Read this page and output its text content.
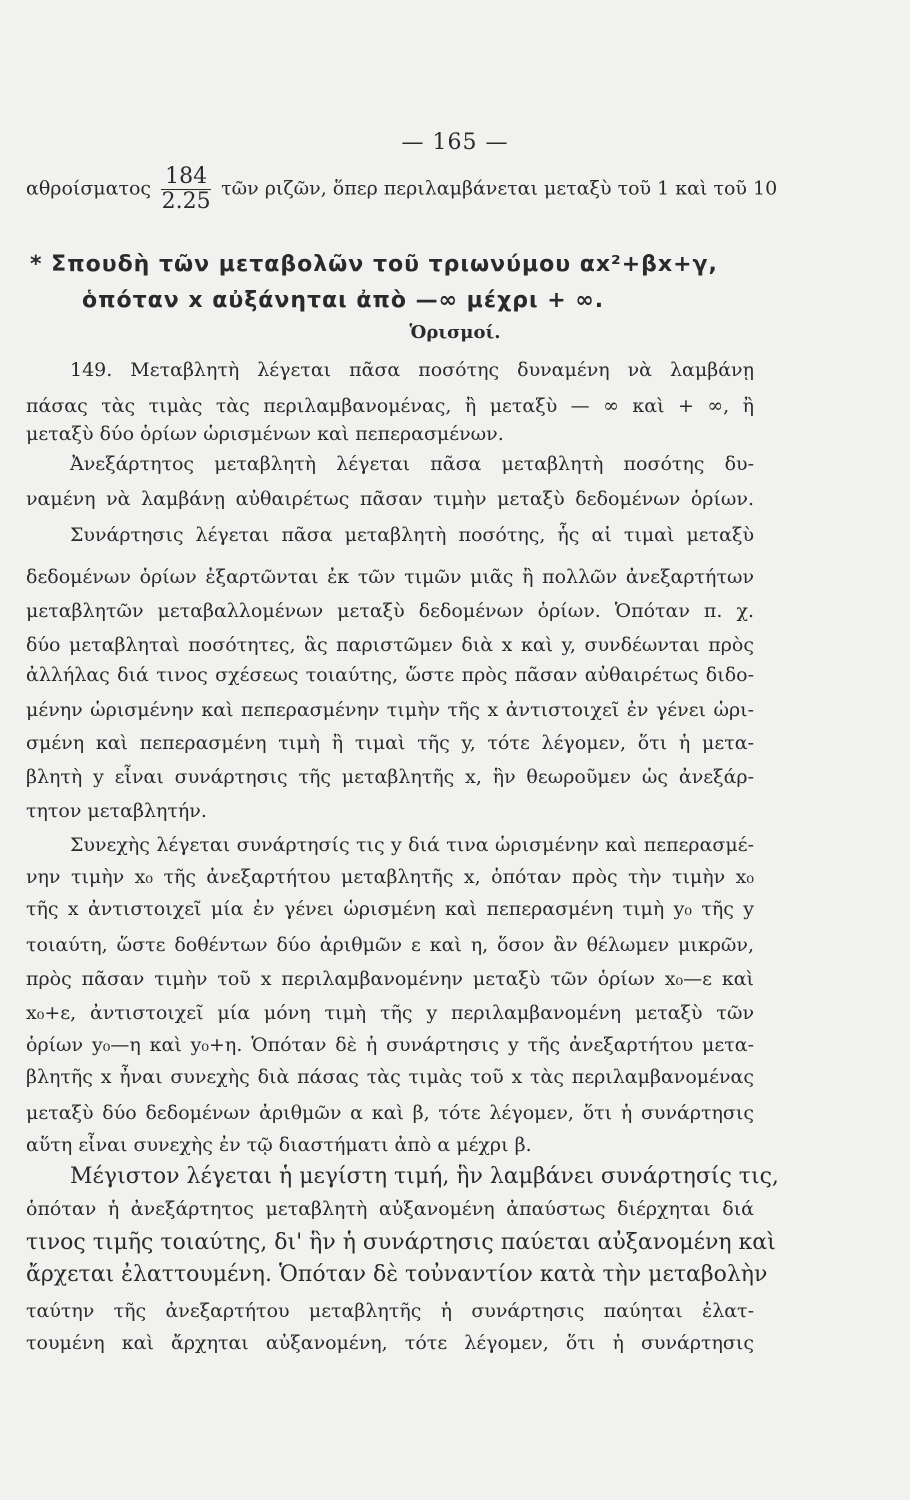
— 165 —
αθροίσματος $\frac{184}{2.25}$ τῶν ριζῶν, ὅπερ περιλαμβάνεται μεταξὺ τοῦ 1 καὶ τοῦ 10
* Σπουδὴ τῶν μεταβολῶν τοῦ τριωνύμου αx²+βx+γ,
ὁπόταν x αὐξάνηται ἀπὸ —∞ μέχρι + ∞.
Ὁρισμοί.
149. Μεταβλητὴ λέγεται πᾶσα ποσότης δυναμένη νὰ λαμβάνῃ
πάσας τὰς τιμὰς τὰς περιλαμβανομένας, ἢ μεταξὺ — ∞ καὶ + ∞, ἢ
μεταξὺ δύο ὁρίων ὡρισμένων καὶ πεπερασμένων.
Ἀνεξάρτητος μεταβλητὴ λέγεται πᾶσα μεταβλητὴ ποσότης δυ-
ναμένη νὰ λαμβάνῃ αὐθαιρέτως πᾶσαν τιμὴν μεταξὺ δεδομένων ὁρίων.
Συνάρτησις λέγεται πᾶσα μεταβλητὴ ποσότης, ἧς αἱ τιμαὶ μεταξὺ
δεδομένων ὁρίων ἐξαρτῶνται ἐκ τῶν τιμῶν μιᾶς ἢ πολλῶν ἀνεξαρτήτων
μεταβλητῶν μεταβαλλομένων μεταξὺ δεδομένων ὁρίων. Ὁπόταν π. χ.
δύο μεταβληταὶ ποσότητες, ἃς παριστῶμεν διὰ x καὶ y, συνδέωνται πρὸς
ἀλλήλας διά τινος σχέσεως τοιαύτης, ὥστε πρὸς πᾶσαν αὐθαιρέτως διδο-
μένην ὡρισμένην καὶ πεπερασμένην τιμὴν τῆς x ἀντιστοιχεῖ ἐν γένει ὡρι-
σμένη καὶ πεπερασμένη τιμὴ ἢ τιμαὶ τῆς y, τότε λέγομεν, ὅτι ἡ μετα-
βλητὴ y εἶναι συνάρτησις τῆς μεταβλητῆς x, ἣν θεωροῦμεν ὡς ἀνεξάρ-
τητον μεταβλητήν.
Συνεχὴς λέγεται συνάρτησίς τις y διά τινα ὡρισμένην καὶ πεπερασμέ-
νην τιμὴν x₀ τῆς ἀνεξαρτήτου μεταβλητῆς x, ὁπόταν πρὸς τὴν τιμὴν x₀
τῆς x ἀντιστοιχεῖ μία ἐν γένει ὡρισμένη καὶ πεπερασμένη τιμὴ y₀ τῆς y
τοιαύτη, ὥστε δοθέντων δύο ἀριθμῶν ε καὶ η, ὅσον ἂν θέλωμεν μικρῶν,
πρὸς πᾶσαν τιμὴν τοῦ x περιλαμβανομένην μεταξὺ τῶν ὁρίων x₀—ε καὶ
x₀+ε, ἀντιστοιχεῖ μία μόνη τιμὴ τῆς y περιλαμβανομένη μεταξὺ τῶν
ὁρίων y₀—η καὶ y₀+η. Ὁπόταν δὲ ἡ συνάρτησις y τῆς ἀνεξαρτήτου μετα-
βλητῆς x ἦναι συνεχὴς διὰ πάσας τὰς τιμὰς τοῦ x τὰς περιλαμβανομένας
μεταξὺ δύο δεδομένων ἀριθμῶν α καὶ β, τότε λέγομεν, ὅτι ἡ συνάρτησις
αὕτη εἶναι συνεχὴς ἐν τῷ διαστήματι ἀπὸ α μέχρι β.
Μέγιστον λέγεται ἡ μεγίστη τιμή, ἣν λαμβάνει συνάρτησίς τις,
ὁπόταν ἡ ἀνεξάρτητος μεταβλητὴ αὐξανομένη ἀπαύστως διέρχηται διά
τινος τιμῆς τοιαύτης, δι' ἣν ἡ συνάρτησις παύεται αὐξανομένη καὶ
ἄρχεται ἐλαττουμένη. Ὁπόταν δὲ τοὐναντίον κατὰ τὴν μεταβολὴν
ταύτην τῆς ἀνεξαρτήτου μεταβλητῆς ἡ συνάρτησις παύηται ἐλατ-
τουμένη καὶ ἄρχηται αὐξανομένη, τότε λέγομεν, ὅτι ἡ συνάρτησις
